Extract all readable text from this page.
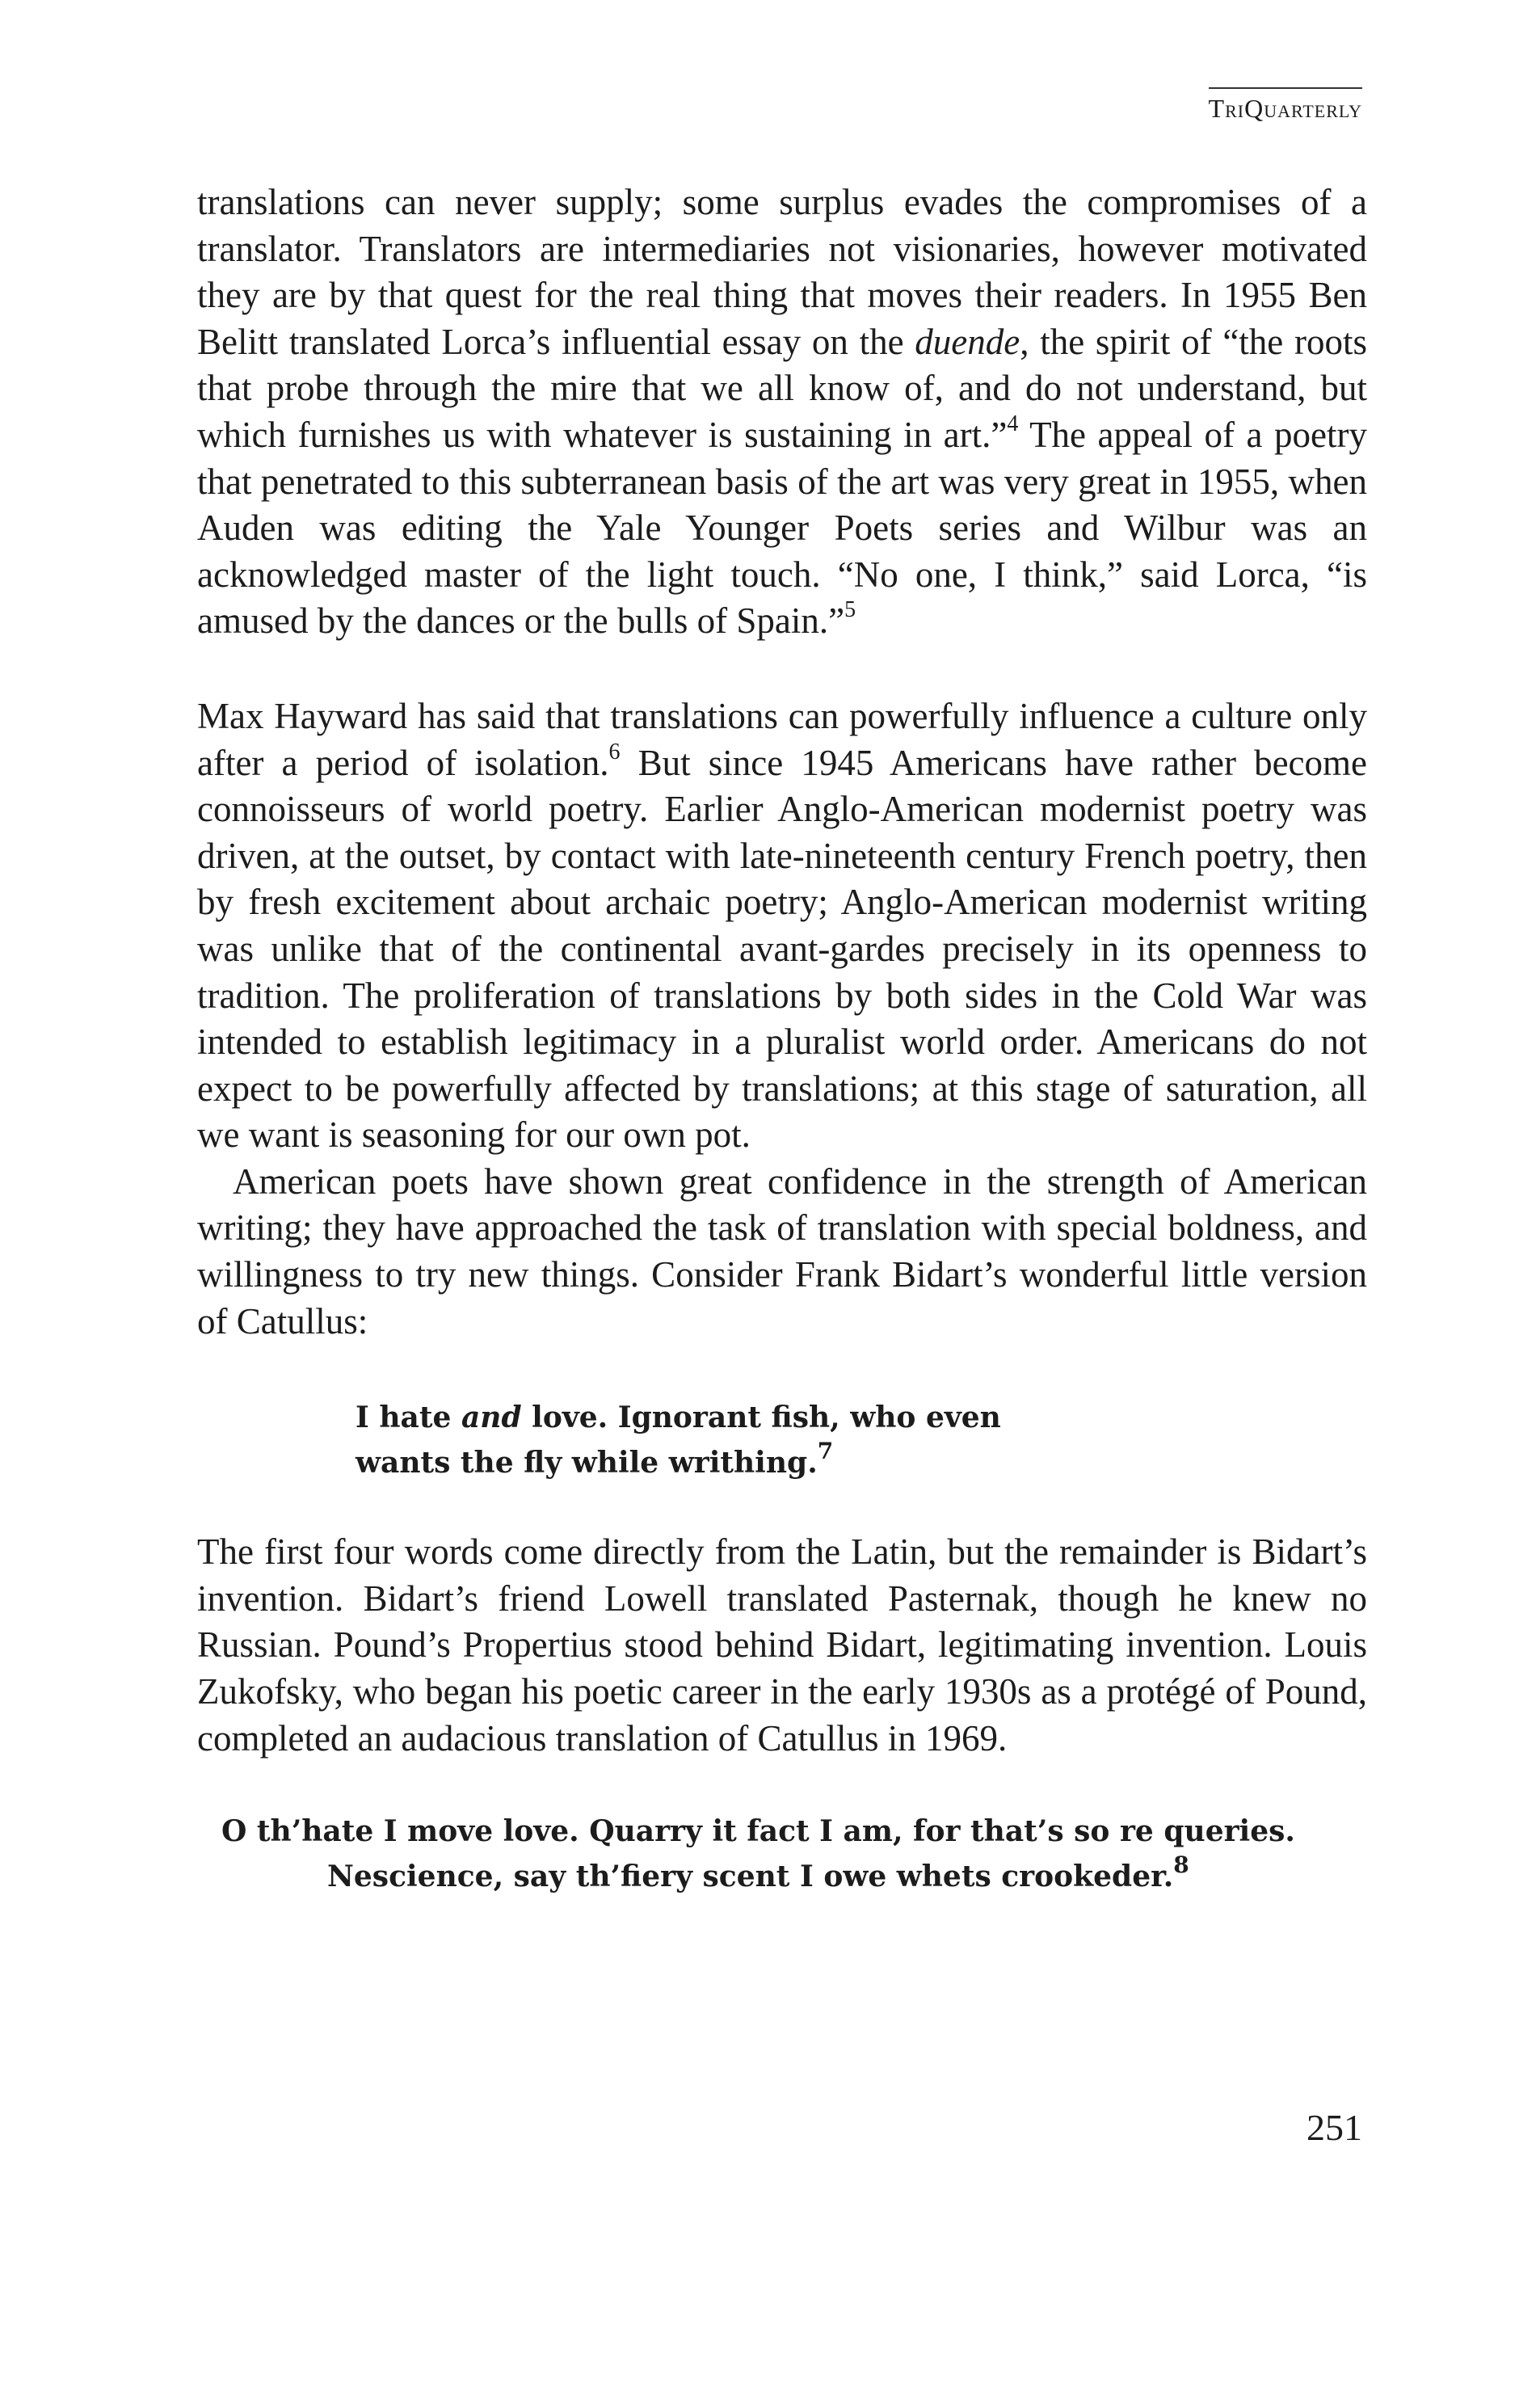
TriQuarterly

translations can never supply; some surplus evades the compromises of a translator. Translators are intermediaries not visionaries, however motivated they are by that quest for the real thing that moves their readers. In 1955 Ben Belitt translated Lorca’s influential essay on the duende, the spirit of “the roots that probe through the mire that we all know of, and do not understand, but which furnishes us with whatever is sustaining in art.”$^4$ The appeal of a poetry that penetrated to this subterranean basis of the art was very great in 1955, when Auden was editing the Yale Younger Poets series and Wilbur was an acknowledged master of the light touch. “No one, I think,” said Lorca, “is amused by the dances or the bulls of Spain.”$^5$

Max Hayward has said that translations can powerfully influence a culture only after a period of isolation.$^6$ But since 1945 Americans have rather become connoisseurs of world poetry. Earlier Anglo-American modernist poetry was driven, at the outset, by contact with late-nineteenth century French poetry, then by fresh excitement about archaic poetry; Anglo-American modernist writing was unlike that of the continental avant-gardes precisely in its openness to tradition. The proliferation of translations by both sides in the Cold War was intended to establish legitimacy in a pluralist world order. Americans do not expect to be powerfully affected by translations; at this stage of saturation, all we want is seasoning for our own pot.

American poets have shown great confidence in the strength of American writing; they have approached the task of translation with special boldness, and willingness to try new things. Consider Frank Bidart’s wonderful little version of Catullus:

I hate and love. Ignorant fish, who even
wants the fly while writhing.$^7$

The first four words come directly from the Latin, but the remainder is Bidart’s invention. Bidart’s friend Lowell translated Pasternak, though he knew no Russian. Pound’s Propertius stood behind Bidart, legitimating invention. Louis Zukofsky, who began his poetic career in the early 1930s as a protégé of Pound, completed an audacious translation of Catullus in 1969.

O th’hate I move love. Quarry it fact I am, for that’s so re queries.
Nescience, say th’fiery scent I owe whets crookeder.$^8$
251
